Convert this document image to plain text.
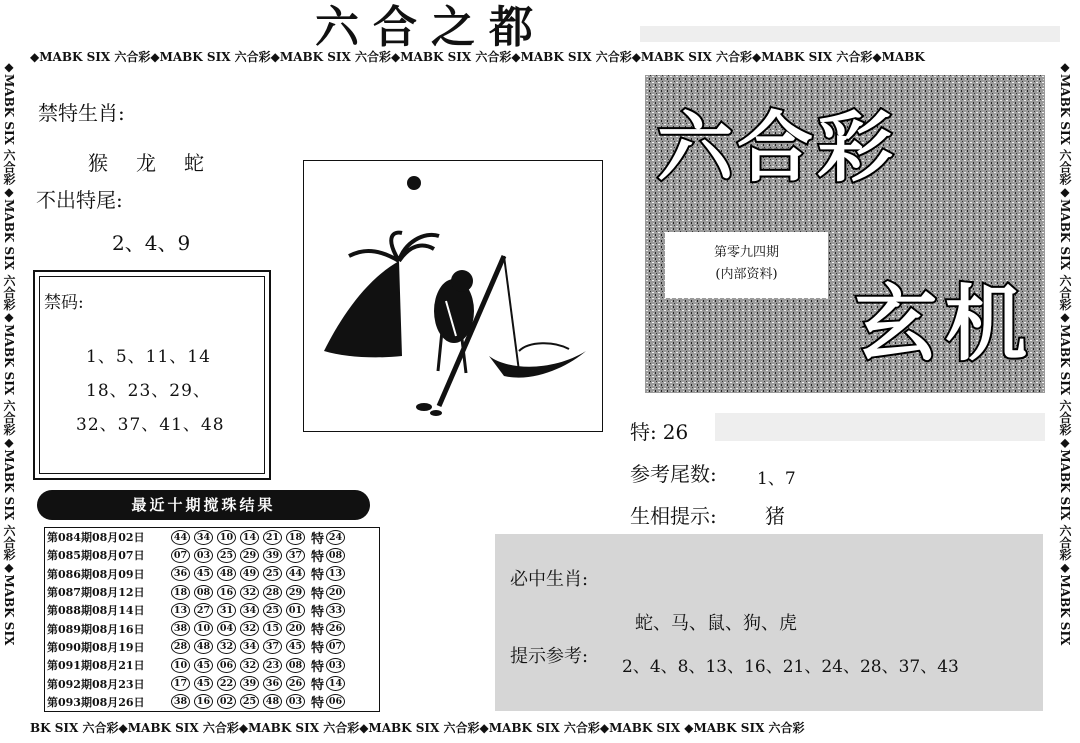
六合之都
◆MABK SIX 六合彩◆MABK SIX 六合彩◆MABK SIX 六合彩◆MABK SIX 六合彩◆MABK SIX 六合彩◆MABK SIX 六合彩◆MABK SIX 六合彩◆MABK
BK SIX 六合彩◆MABK SIX 六合彩◆MABK SIX 六合彩◆MABK SIX 六合彩◆MABK SIX 六合彩◆MABK SIX ◆MABK SIX 六合彩
◆MABK SIX 六合彩◆MABK SIX 六合彩◆MABK SIX 六合彩◆MABK SIX 六合彩◆MABK SIX	◆MABK SIX 六合彩◆MABK SIX 六合彩◆MABK SIX 六合彩◆MABK SIX 六合彩◆MABK SIX
禁特生肖:
猴　龙　蛇
不出特尾:
2、4、9
禁码:
1、5、11、14
18、23、29、
32、37、41、48
最近十期搅珠结果
第084期08月02日	44	34	10	14	21	18 特 24
第085期08月07日	07	03	25	29	39	37 特 08
第086期08月09日	36	45	48	49	25	44 特 13
第087期08月12日	18	08	16	32	28	29 特 20
第088期08月14日	13	27	31	34	25	01 特 33
第089期08月16日	38	10	04	32	15	20 特 26
第090期08月19日	28	48	32	34	37	45 特 07
第091期08月21日	10	45	06	32	23	08 特 03
第092期08月23日	17	45	22	39	36	26 特 14
第093期08月26日	38	16	02	25	48	03 特 06
六合彩
玄机
第零九四期
(内部资料)
特: 26
参考尾数: 1、7
生相提示: 猪
必中生肖:
蛇、马、鼠、狗、虎
提示参考: 2、4、8、13、16、21、24、28、37、43
